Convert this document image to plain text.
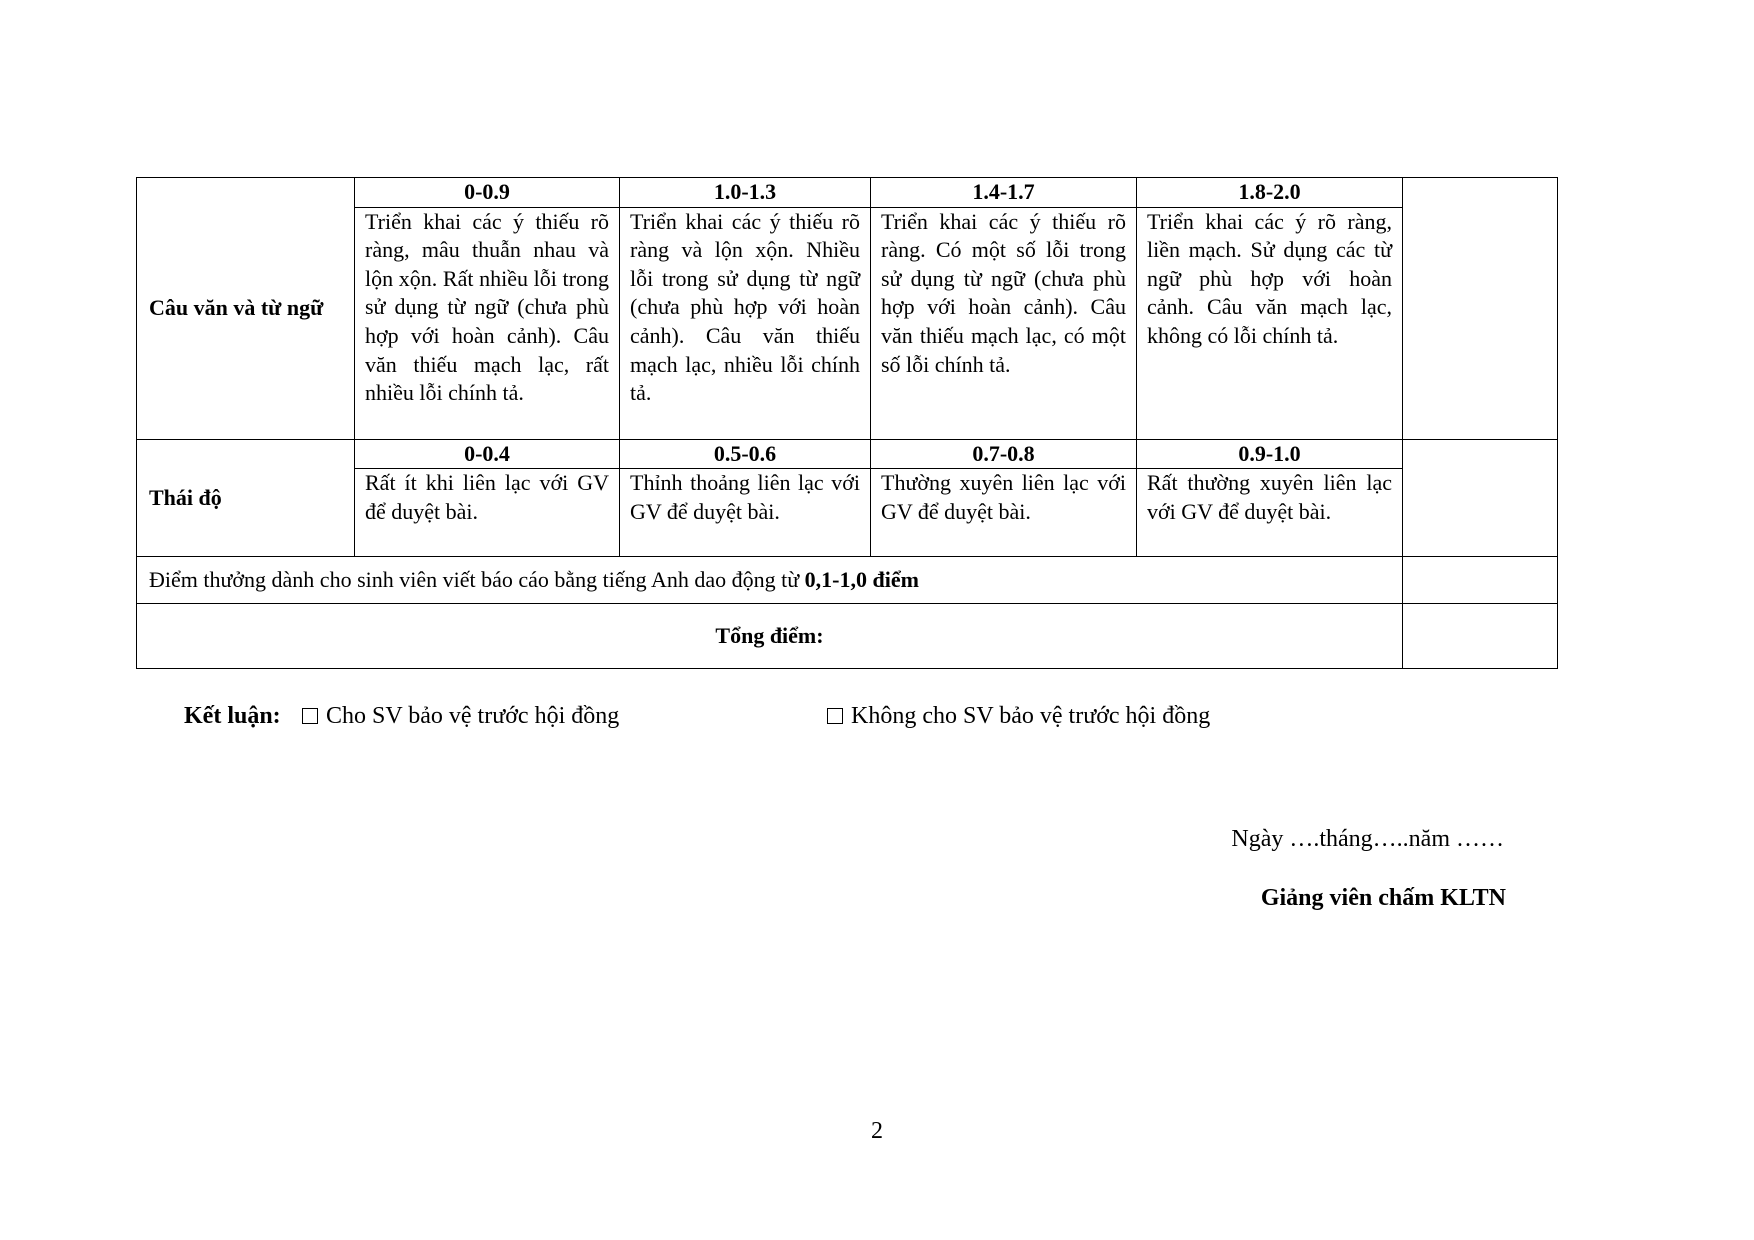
Câu văn và từ ngữ	0-0.9	1.0-1.3	1.4-1.7	1.8-2.0	
	Triển khai các ý thiếu rõ ràng, mâu thuẫn nhau và lộn xộn. Rất nhiều lỗi trong sử dụng từ ngữ (chưa phù hợp với hoàn cảnh). Câu văn thiếu mạch lạc, rất nhiều lỗi chính tả.	Triển khai các ý thiếu rõ ràng và lộn xộn. Nhiều lỗi trong sử dụng từ ngữ (chưa phù hợp với hoàn cảnh). Câu văn thiếu mạch lạc, nhiều lỗi chính tả.	Triển khai các ý thiếu rõ ràng. Có một số lỗi trong sử dụng từ ngữ (chưa phù hợp với hoàn cảnh). Câu văn thiếu mạch lạc, có một số lỗi chính tả.	Triển khai các ý rõ ràng, liền mạch. Sử dụng các từ ngữ phù hợp với hoàn cảnh. Câu văn mạch lạc, không có lỗi chính tả.	
Thái độ	0-0.4	0.5-0.6	0.7-0.8	0.9-1.0	
	Rất ít khi liên lạc với GV để duyệt bài.	Thỉnh thoảng liên lạc với GV để duyệt bài.	Thường xuyên liên lạc với GV để duyệt bài.	Rất thường xuyên liên lạc với GV để duyệt bài.	
Điểm thưởng dành cho sinh viên viết báo cáo bằng tiếng Anh dao động từ 0,1-1,0 điểm					
Tổng điểm:					
Kết luận:	Cho SV bảo vệ trước hội đồng	Không cho SV bảo vệ trước hội đồng
Ngày ….tháng…..năm ……
Giảng viên chấm KLTN
2
